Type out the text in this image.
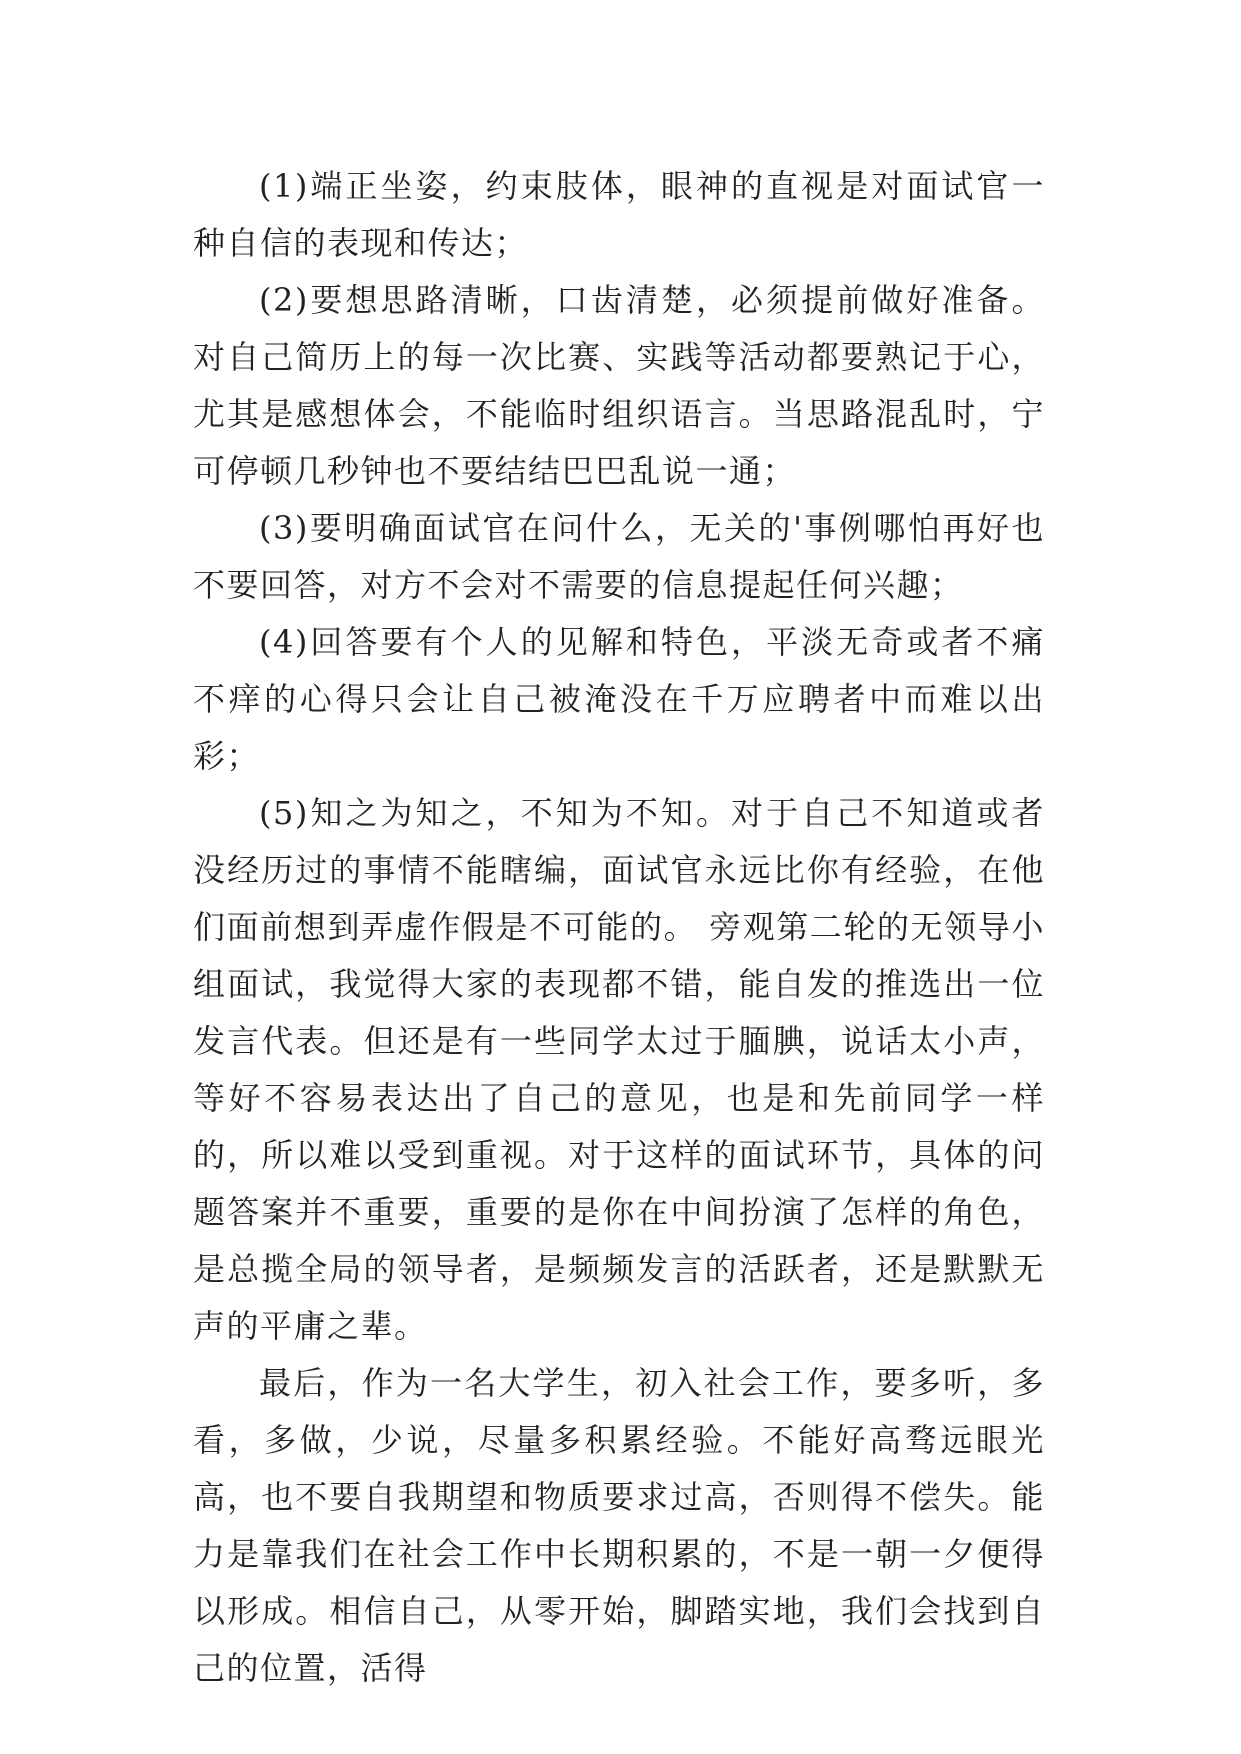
(1)端正坐姿，约束肢体，眼神的直视是对面试官一种自信的表现和传达；

(2)要想思路清晰，口齿清楚，必须提前做好准备。对自己简历上的每一次比赛、实践等活动都要熟记于心，尤其是感想体会，不能临时组织语言。当思路混乱时，宁可停顿几秒钟也不要结结巴巴乱说一通；

(3)要明确面试官在问什么，无关的'事例哪怕再好也不要回答，对方不会对不需要的信息提起任何兴趣；

(4)回答要有个人的见解和特色，平淡无奇或者不痛不痒的心得只会让自己被淹没在千万应聘者中而难以出彩；

(5)知之为知之，不知为不知。对于自己不知道或者没经历过的事情不能瞎编，面试官永远比你有经验，在他们面前想到弄虚作假是不可能的。 旁观第二轮的无领导小组面试，我觉得大家的表现都不错，能自发的推选出一位发言代表。但还是有一些同学太过于腼腆，说话太小声，等好不容易表达出了自己的意见，也是和先前同学一样的，所以难以受到重视。对于这样的面试环节，具体的问题答案并不重要，重要的是你在中间扮演了怎样的角色，是总揽全局的领导者，是频频发言的活跃者，还是默默无声的平庸之辈。

最后，作为一名大学生，初入社会工作，要多听，多看，多做，少说，尽量多积累经验。不能好高骛远眼光高，也不要自我期望和物质要求过高，否则得不偿失。能力是靠我们在社会工作中长期积累的，不是一朝一夕便得以形成。相信自己，从零开始，脚踏实地，我们会找到自己的位置，活得
